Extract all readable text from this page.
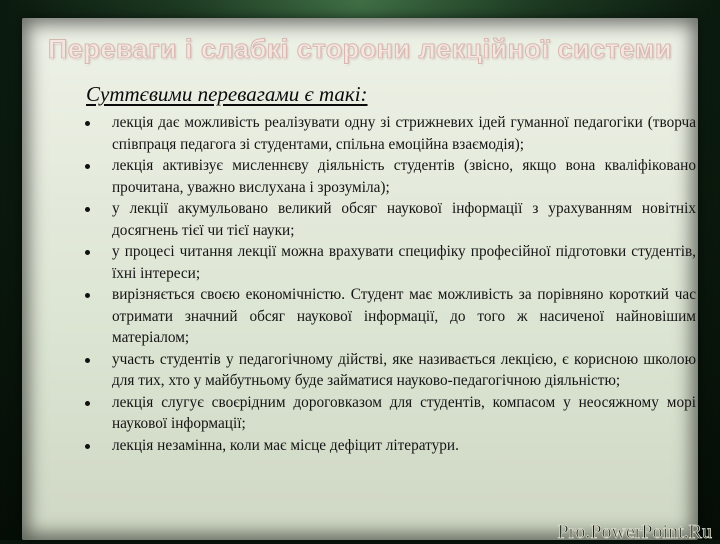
Переваги і слабкі сторони лекційної системи
Суттєвими перевагами є такі:
лекція дає можливість реалізувати одну зі стрижневих ідей гуманної педагогіки (творча співпраця педагога зі студентами, спільна емоційна взаємодія);
лекція активізує мисленнєву діяльність студентів (звісно, якщо вона кваліфіковано прочитана, уважно вислухана і зрозуміла);
у лекції акумульовано великий обсяг наукової інформації з урахуванням новітніх досягнень тієї чи тієї науки;
у процесі читання лекції можна врахувати специфіку професійної підготовки студентів, їхні інтереси;
вирізняється своєю економічністю. Студент має можливість за порівняно короткий час отримати значний обсяг наукової інформації, до того ж насиченої найновішим матеріалом;
участь студентів у педагогічному дійстві, яке називається лекцією, є корисною школою для тих, хто у майбутньому буде займатися науково-педагогічною діяльністю;
лекція слугує своєрідним дороговказом для студентів, компасом у неосяжному морі наукової інформації;
лекція незамінна, коли має місце дефіцит літератури.
Pro.PowerPoint.Ru
